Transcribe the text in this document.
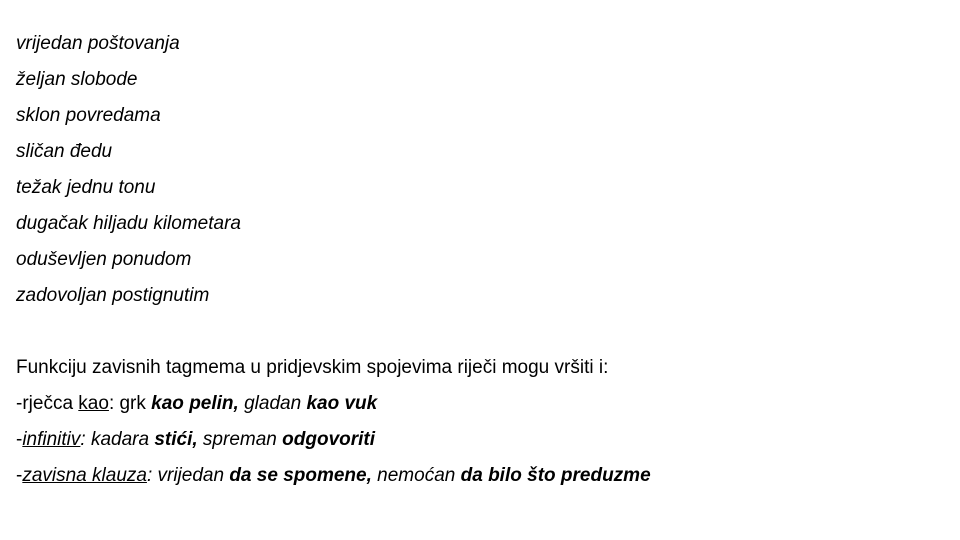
vrijedan poštovanja
željan slobode
sklon povredama
sličan đedu
težak jednu tonu
dugačak hiljadu kilometara
oduševljen ponudom
zadovoljan postignutim
Funkciju zavisnih tagmema u pridjevskim spojevima riječi mogu vršiti i:
-rječca kao: grk kao pelin, gladan kao vuk
-infinitiv: kadara stići, spreman odgovoriti
-zavisna klauza: vrijedan da se spomene, nemoćan da bilo što preduzme
